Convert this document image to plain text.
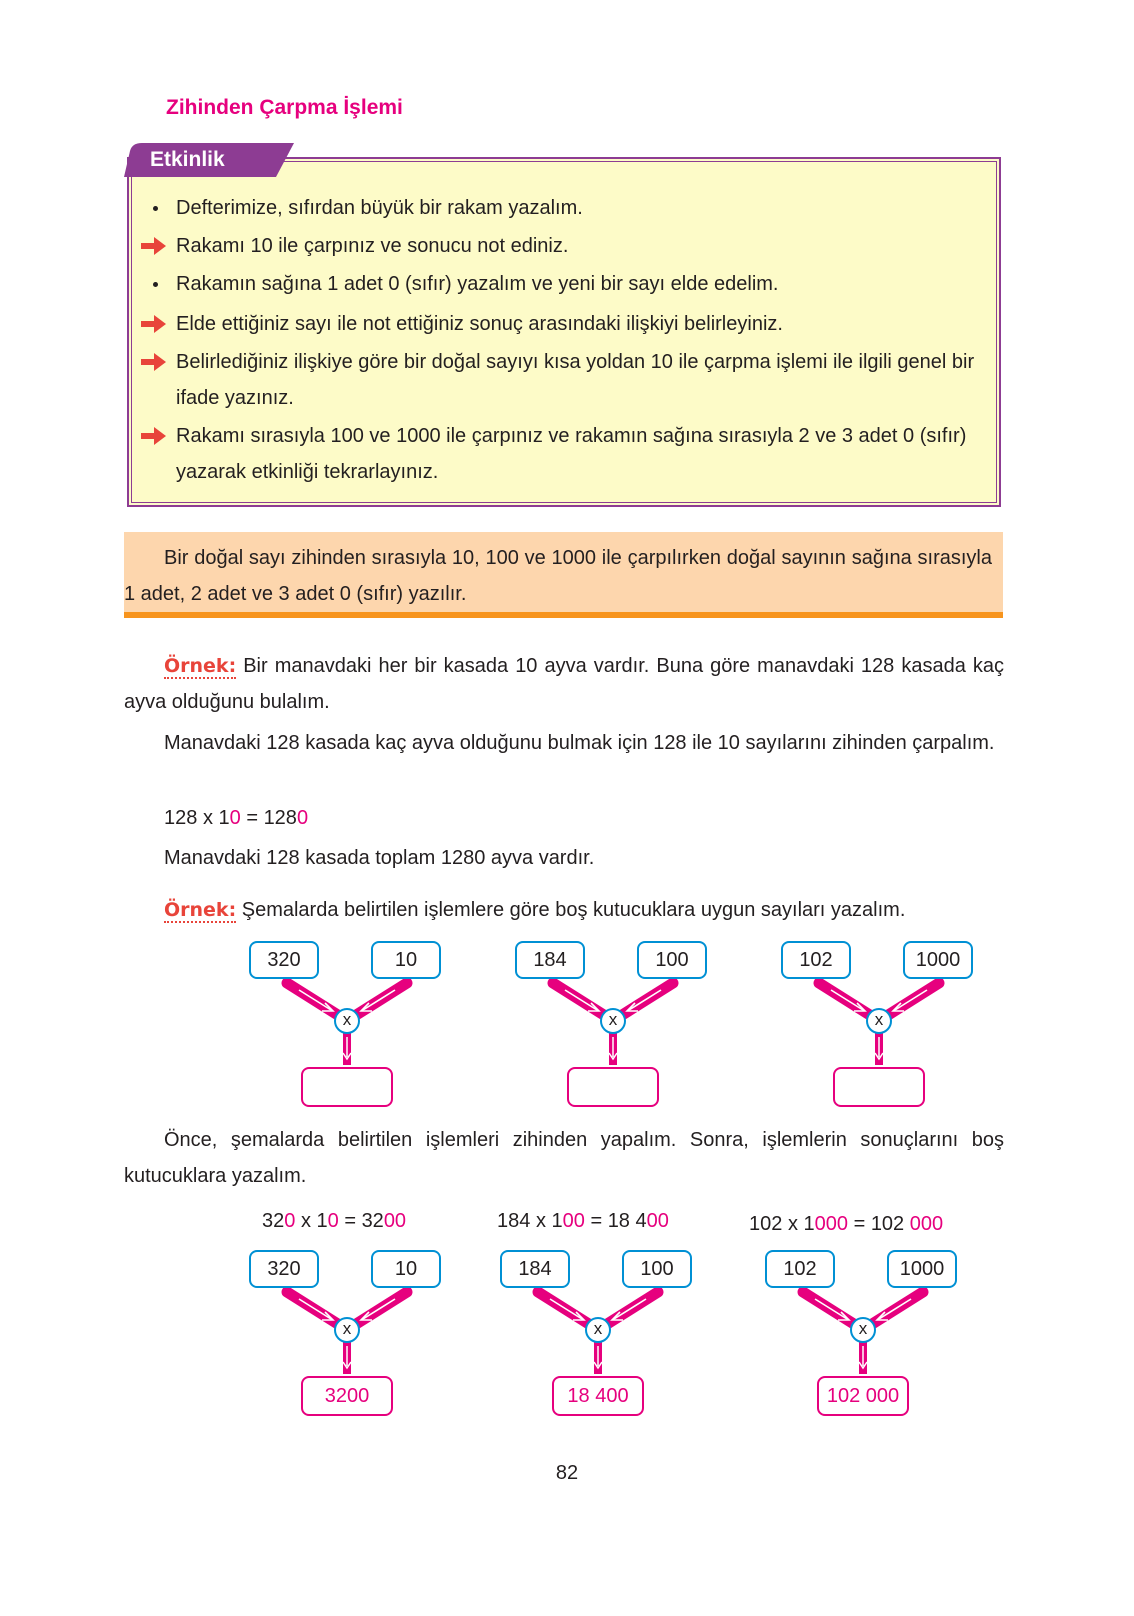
Zihinden Çarpma İşlemi
Etkinlik
Defterimize, sıfırdan büyük bir rakam yazalım.
Rakamı 10 ile çarpınız ve sonucu not ediniz.
Rakamın sağına 1 adet 0 (sıfır) yazalım ve yeni bir sayı elde edelim.
Elde ettiğiniz sayı ile not ettiğiniz sonuç arasındaki ilişkiyi belirleyiniz.
Belirlediğiniz ilişkiye göre bir doğal sayıyı kısa yoldan 10 ile çarpma işlemi ile ilgili genel bir ifade yazınız.
Rakamı sırasıyla 100 ve 1000 ile çarpınız ve rakamın sağına sırasıyla 2 ve 3 adet 0 (sıfır) yazarak etkinliği tekrarlayınız.
Bir doğal sayı zihinden sırasıyla 10, 100 ve 1000 ile çarpılırken doğal sayının sağına sırasıyla 1 adet, 2 adet ve 3 adet 0 (sıfır) yazılır.
Örnek: Bir manavdaki her bir kasada 10 ayva vardır. Buna göre manavdaki 128 kasada kaç ayva olduğunu bulalım.
Manavdaki 128 kasada kaç ayva olduğunu bulmak için 128 ile 10 sayılarını zihinden çarpalım.
128 x 10 = 1280
Manavdaki 128 kasada toplam 1280 ayva vardır.
Örnek: Şemalarda belirtilen işlemlere göre boş kutucuklara uygun sayıları yazalım.
x
320	10
x
184	100
x
102	1000
Önce, şemalarda belirtilen işlemleri zihinden yapalım. Sonra, işlemlerin sonuçlarını boş kutucuklara yazalım.
320 x 10 = 3200	184 x 100 = 18 400	102 x 1000 = 102 000
x
320	10
3200
x
184	100
18 400
x
102	1000
102 000
82
